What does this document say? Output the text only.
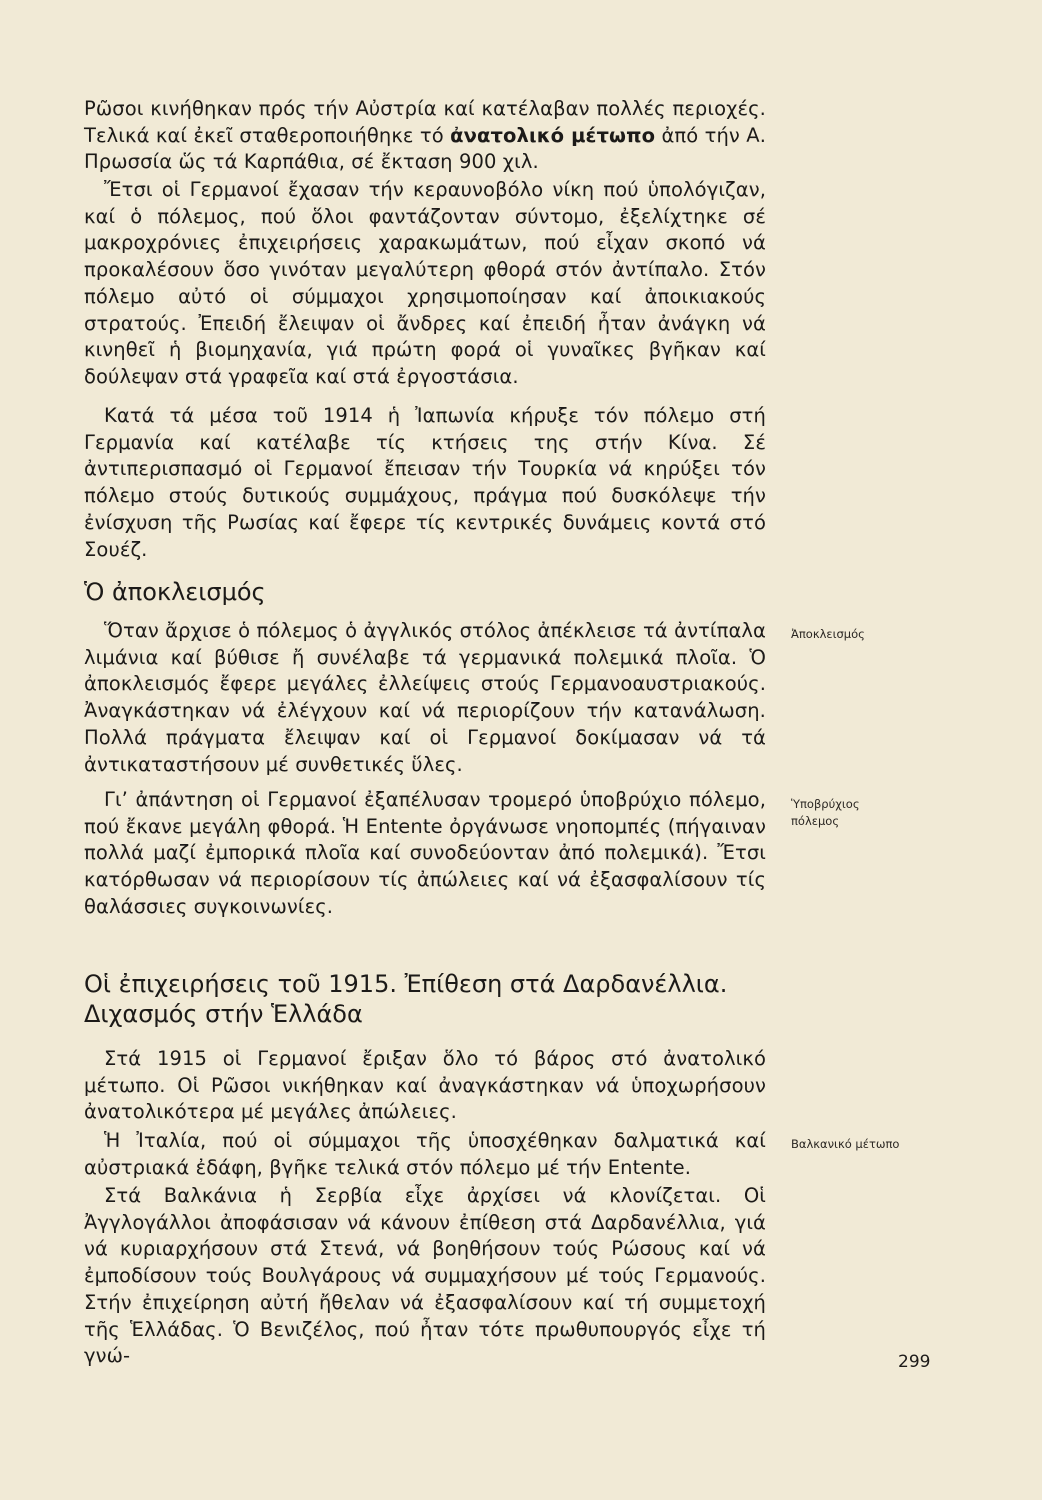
Ρῶσοι κινήθηκαν πρός τήν Αὐστρία καί κατέλαβαν πολλές περιοχές. Τελικά καί ἐκεῖ σταθεροποιήθηκε τό ἀνατολικό μέτωπο ἀπό τήν Α. Πρωσσία ὥς τά Καρπάθια, σέ ἔκταση 900 χιλ.

Ἔτσι οἱ Γερμανοί ἔχασαν τήν κεραυνοβόλο νίκη πού ὑπολόγιζαν, καί ὁ πόλεμος, πού ὅλοι φαντάζονταν σύντομο, ἐξελίχτηκε σέ μακροχρόνιες ἐπιχειρήσεις χαρακωμάτων, πού εἶχαν σκοπό νά προκαλέσουν ὅσο γινόταν μεγαλύτερη φθορά στόν ἀντίπαλο. Στόν πόλεμο αὐτό οἱ σύμμαχοι χρησιμοποίησαν καί ἀποικιακούς στρατούς. Ἐπειδή ἔλειψαν οἱ ἄνδρες καί ἐπειδή ἦταν ἀνάγκη νά κινηθεῖ ἡ βιομηχανία, γιά πρώτη φορά οἱ γυναῖκες βγῆκαν καί δούλεψαν στά γραφεῖα καί στά ἐργοστάσια.

Κατά τά μέσα τοῦ 1914 ἡ Ἰαπωνία κήρυξε τόν πόλεμο στή Γερμανία καί κατέλαβε τίς κτήσεις της στήν Κίνα. Σέ ἀντιπερισπασμό οἱ Γερμανοί ἔπεισαν τήν Τουρκία νά κηρύξει τόν πόλεμο στούς δυτικούς συμμάχους, πράγμα πού δυσκόλεψε τήν ἐνίσχυση τῆς Ρωσίας καί ἔφερε τίς κεντρικές δυνάμεις κοντά στό Σουέζ.

Ὁ ἀποκλεισμός

Ὅταν ἄρχισε ὁ πόλεμος ὁ ἀγγλικός στόλος ἀπέκλεισε τά ἀντίπαλα λιμάνια καί βύθισε ἤ συνέλαβε τά γερμανικά πολεμικά πλοῖα. Ὁ ἀποκλεισμός ἔφερε μεγάλες ἐλλείψεις στούς Γερμανοαυστριακούς. Ἀναγκάστηκαν νά ἐλέγχουν καί νά περιορίζουν τήν κατανάλωση. Πολλά πράγματα ἔλειψαν καί οἱ Γερμανοί δοκίμασαν νά τά ἀντικαταστήσουν μέ συνθετικές ὕλες.

Γι’ ἀπάντηση οἱ Γερμανοί ἐξαπέλυσαν τρομερό ὑποβρύχιο πόλεμο, πού ἔκανε μεγάλη φθορά. Ἡ Entente ὀργάνωσε νηοπομπές (πήγαιναν πολλά μαζί ἐμπορικά πλοῖα καί συνοδεύονταν ἀπό πολεμικά). Ἔτσι κατόρθωσαν νά περιορίσουν τίς ἀπώλειες καί νά ἐξασφαλίσουν τίς θαλάσσιες συγκοινωνίες.

Οἱ ἐπιχειρήσεις τοῦ 1915. Ἐπίθεση στά Δαρδανέλλια.
Διχασμός στήν Ἑλλάδα

Στά 1915 οἱ Γερμανοί ἔριξαν ὅλο τό βάρος στό ἀνατολικό μέτωπο. Οἱ Ρῶσοι νικήθηκαν καί ἀναγκάστηκαν νά ὑποχωρήσουν ἀνατολικότερα μέ μεγάλες ἀπώλειες.

Ἡ Ἰταλία, πού οἱ σύμμαχοι τῆς ὑποσχέθηκαν δαλματικά καί αὐστριακά ἐδάφη, βγῆκε τελικά στόν πόλεμο μέ τήν Entente.

Στά Βαλκάνια ἡ Σερβία εἶχε ἀρχίσει νά κλονίζεται. Οἱ Ἀγγλογάλλοι ἀποφάσισαν νά κάνουν ἐπίθεση στά Δαρδανέλλια, γιά νά κυριαρχήσουν στά Στενά, νά βοηθήσουν τούς Ρώσους καί νά ἐμποδίσουν τούς Βουλγάρους νά συμμαχήσουν μέ τούς Γερμανούς. Στήν ἐπιχείρηση αὐτή ἤθελαν νά ἐξασφαλίσουν καί τή συμμετοχή τῆς Ἑλλάδας. Ὁ Βενιζέλος, πού ἦταν τότε πρωθυπουργός εἶχε τή γνώ-

Ἀποκλεισμός
Ὑποβρύχιος
πόλεμος
Βαλκανικό μέτωπο
299
